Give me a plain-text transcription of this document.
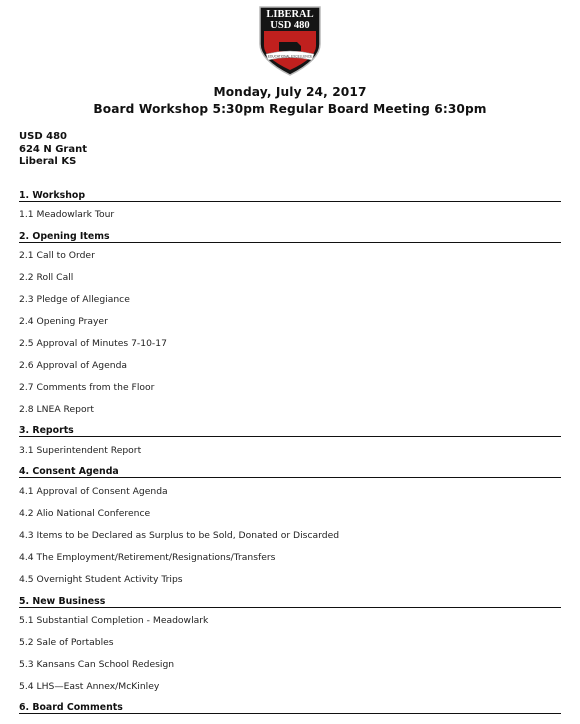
LIBERAL
USD 480
EDUCATIONAL EXCELLENCE
Monday, July 24, 2017
Board Workshop 5:30pm Regular Board Meeting 6:30pm
USD 480
624 N Grant
Liberal KS
1. Workshop
1.1 Meadowlark Tour
2. Opening Items
2.1 Call to Order
2.2 Roll Call
2.3 Pledge of Allegiance
2.4 Opening Prayer
2.5 Approval of Minutes 7-10-17
2.6 Approval of Agenda
2.7 Comments from the Floor
2.8 LNEA Report
3. Reports
3.1 Superintendent Report
4. Consent Agenda
4.1 Approval of Consent Agenda
4.2 Alio National Conference
4.3 Items to be Declared as Surplus to be Sold, Donated or Discarded
4.4 The Employment/Retirement/Resignations/Transfers
4.5 Overnight Student Activity Trips
5. New Business
5.1 Substantial Completion - Meadowlark
5.2 Sale of Portables
5.3 Kansans Can School Redesign
5.4 LHS—East Annex/McKinley
6. Board Comments
